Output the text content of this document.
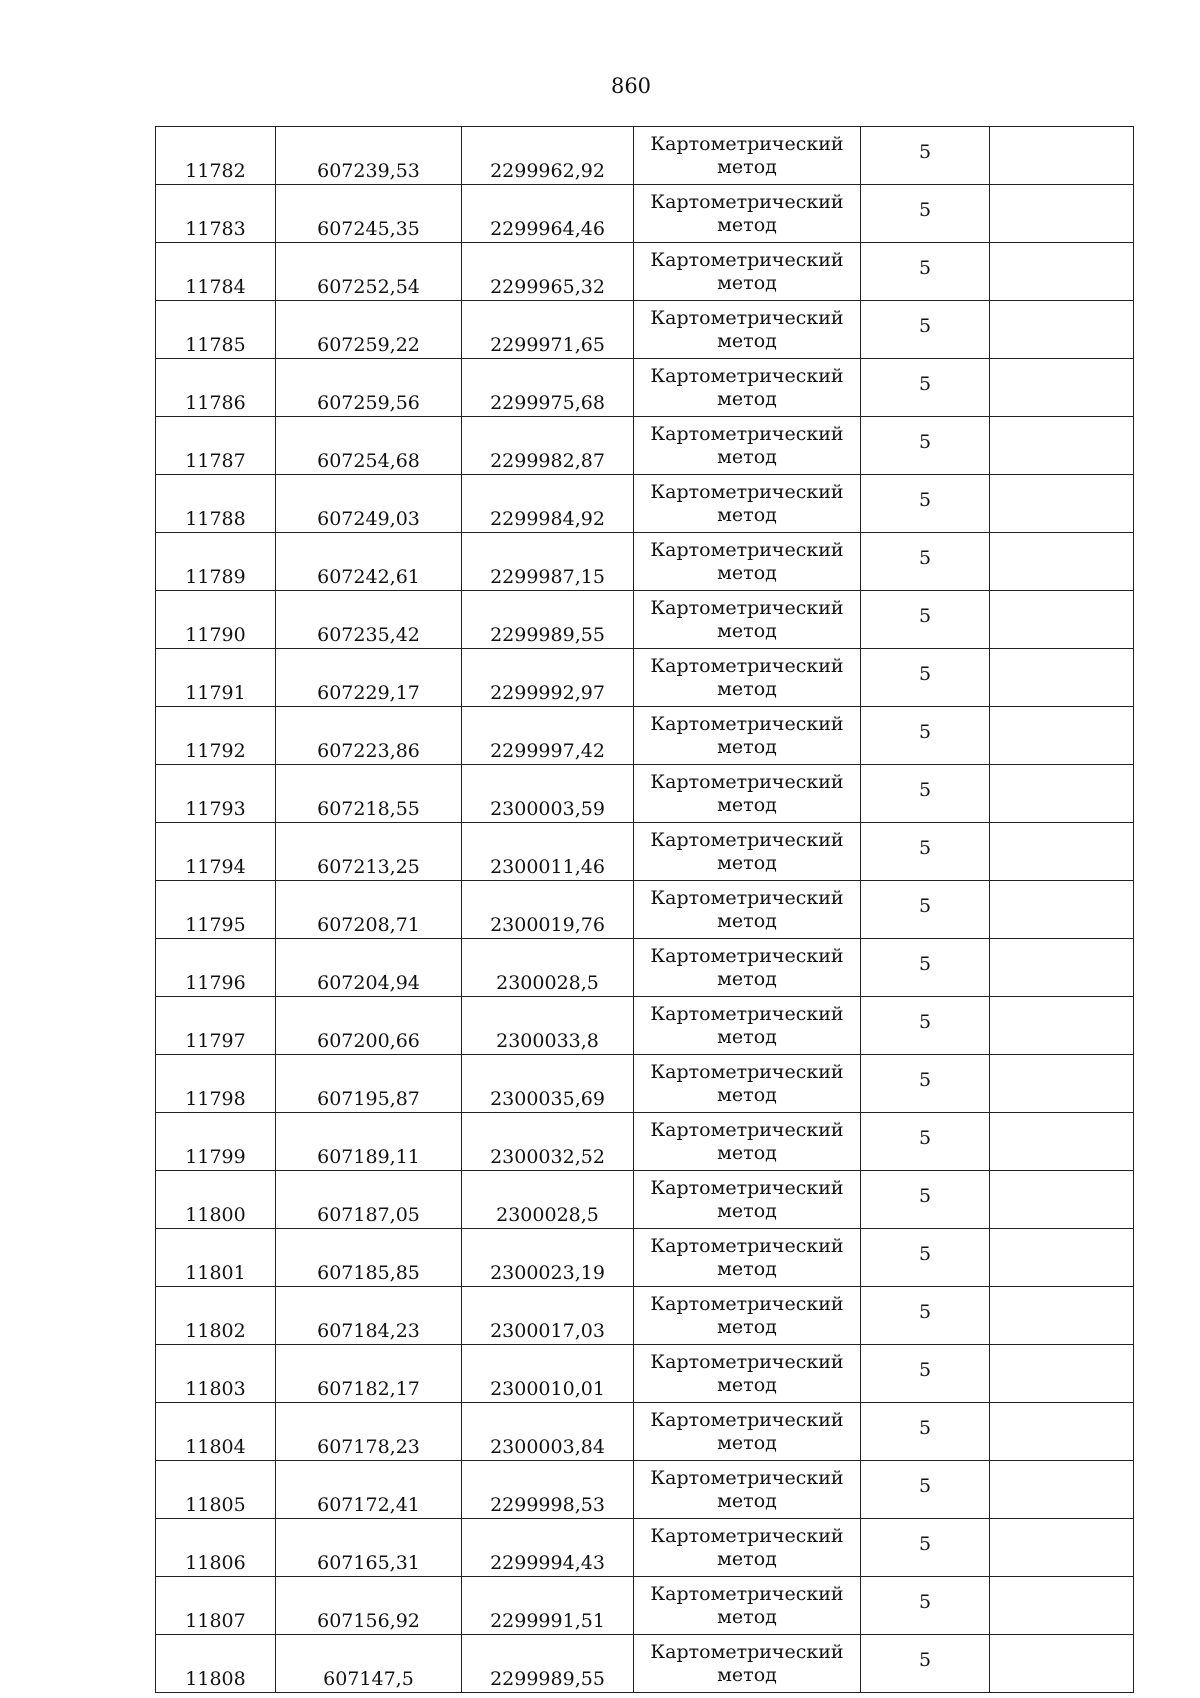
860
11782	607239,53	2299962,92	Картометрический
метод	5	
11783	607245,35	2299964,46	Картометрический
метод	5	
11784	607252,54	2299965,32	Картометрический
метод	5	
11785	607259,22	2299971,65	Картометрический
метод	5	
11786	607259,56	2299975,68	Картометрический
метод	5	
11787	607254,68	2299982,87	Картометрический
метод	5	
11788	607249,03	2299984,92	Картометрический
метод	5	
11789	607242,61	2299987,15	Картометрический
метод	5	
11790	607235,42	2299989,55	Картометрический
метод	5	
11791	607229,17	2299992,97	Картометрический
метод	5	
11792	607223,86	2299997,42	Картометрический
метод	5	
11793	607218,55	2300003,59	Картометрический
метод	5	
11794	607213,25	2300011,46	Картометрический
метод	5	
11795	607208,71	2300019,76	Картометрический
метод	5	
11796	607204,94	2300028,5	Картометрический
метод	5	
11797	607200,66	2300033,8	Картометрический
метод	5	
11798	607195,87	2300035,69	Картометрический
метод	5	
11799	607189,11	2300032,52	Картометрический
метод	5	
11800	607187,05	2300028,5	Картометрический
метод	5	
11801	607185,85	2300023,19	Картометрический
метод	5	
11802	607184,23	2300017,03	Картометрический
метод	5	
11803	607182,17	2300010,01	Картометрический
метод	5	
11804	607178,23	2300003,84	Картометрический
метод	5	
11805	607172,41	2299998,53	Картометрический
метод	5	
11806	607165,31	2299994,43	Картометрический
метод	5	
11807	607156,92	2299991,51	Картометрический
метод	5	
11808	607147,5	2299989,55	Картометрический
метод	5	
